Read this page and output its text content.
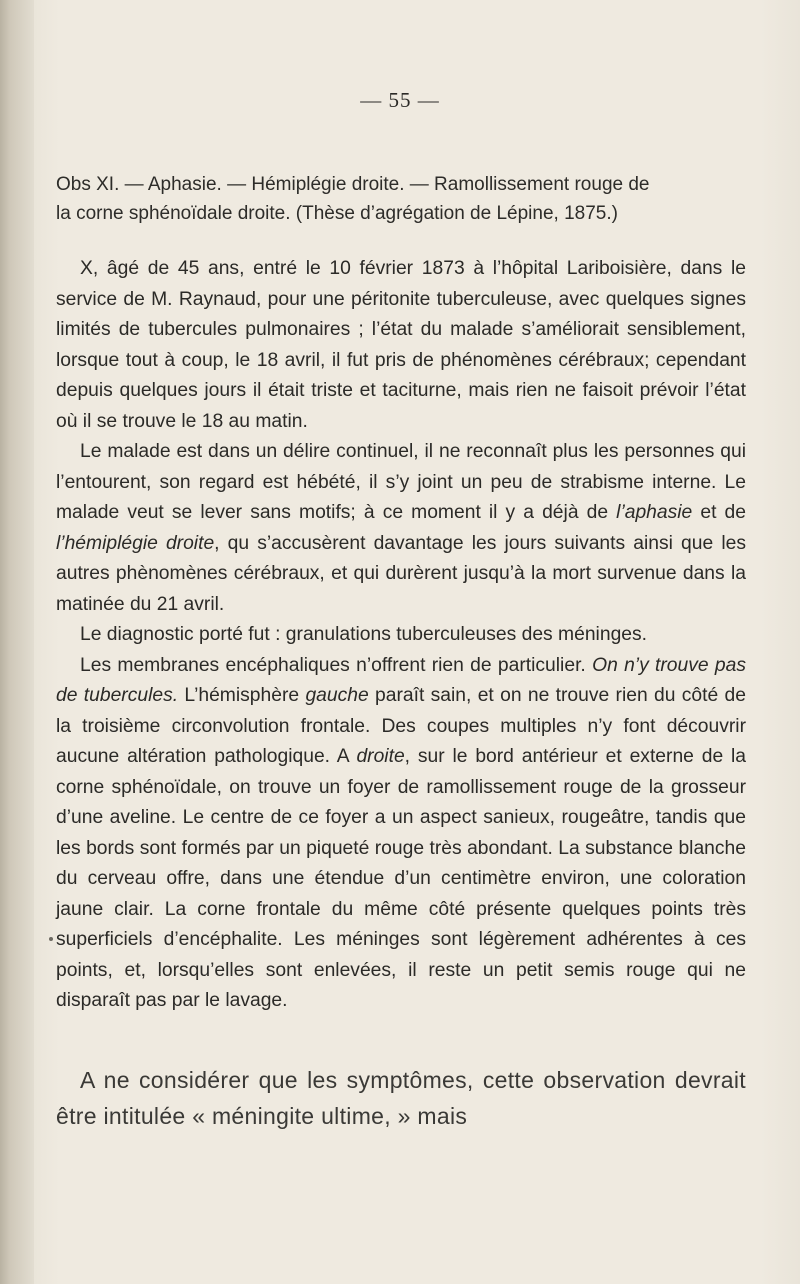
— 55 —

Obs XI. — Aphasie. — Hémiplégie droite. — Ramollissement rouge de

la corne sphénoïdale droite. (Thèse d’agrégation de Lépine, 1875.)

X, âgé de 45 ans, entré le 10 février 1873 à l’hôpital Lariboisière, dans le service de M. Raynaud, pour une péritonite tuberculeuse, avec quelques signes limités de tubercules pulmonaires ; l’état du malade s’améliorait sensiblement, lorsque tout à coup, le 18 avril, il fut pris de phénomènes cérébraux; cependant depuis quelques jours il était triste et taciturne, mais rien ne faisoit prévoir l’état où il se trouve le 18 au matin.

Le malade est dans un délire continuel, il ne reconnaît plus les personnes qui l’entourent, son regard est hébété, il s’y joint un peu de strabisme interne. Le malade veut se lever sans motifs; à ce moment il y a déjà de l’aphasie et de l’hémiplégie droite, qu s’accusèrent davantage les jours suivants ainsi que les autres phènomènes cérébraux, et qui durèrent jusqu’à la mort survenue dans la matinée du 21 avril.

Le diagnostic porté fut : granulations tuberculeuses des méninges.

Les membranes encéphaliques n’offrent rien de particulier. On n’y trouve pas de tubercules. L’hémisphère gauche paraît sain, et on ne trouve rien du côté de la troisième circonvolution frontale. Des coupes multiples n’y font découvrir aucune altération pathologique. A droite, sur le bord antérieur et externe de la corne sphénoïdale, on trouve un foyer de ramollissement rouge de la grosseur d’une aveline. Le centre de ce foyer a un aspect sanieux, rougeâtre, tandis que les bords sont formés par un piqueté rouge très abondant. La substance blanche du cerveau offre, dans une étendue d’un centimètre environ, une coloration jaune clair. La corne frontale du même côté présente quelques points très superficiels d’encéphalite. Les méninges sont légèrement adhérentes à ces points, et, lorsqu’elles sont enlevées, il reste un petit semis rouge qui ne disparaît pas par le lavage.

A ne considérer que les symptômes, cette observation devrait être intitulée « méningite ultime, » mais
